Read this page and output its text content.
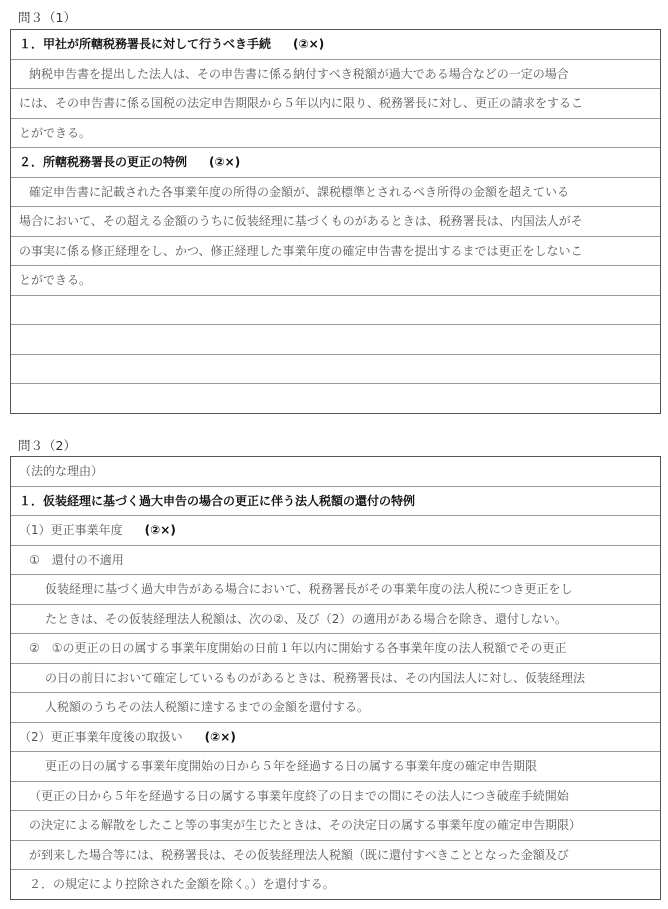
問３（1）
１．甲社が所轄税務署長に対して行うべき手続 (②×)
納税申告書を提出した法人は、その申告書に係る納付すべき税額が過大である場合などの一定の場合
には、その申告書に係る国税の法定申告期限から５年以内に限り、税務署長に対し、更正の請求をするこ
とができる。
２．所轄税務署長の更正の特例 (②×)
確定申告書に記載された各事業年度の所得の金額が、課税標準とされるべき所得の金額を超えている
場合において、その超える金額のうちに仮装経理に基づくものがあるときは、税務署長は、内国法人がそ
の事実に係る修正経理をし、かつ、修正経理した事業年度の確定申告書を提出するまでは更正をしないこ
とができる。
問３（2）
（法的な理由）
１．仮装経理に基づく過大申告の場合の更正に伴う法人税額の還付の特例
（1）更正事業年度 (②×)
①　還付の不適用
仮装経理に基づく過大申告がある場合において、税務署長がその事業年度の法人税につき更正をし
たときは、その仮装経理法人税額は、次の②、及び（2）の適用がある場合を除き、還付しない。
②　①の更正の日の属する事業年度開始の日前１年以内に開始する各事業年度の法人税額でその更正
の日の前日において確定しているものがあるときは、税務署長は、その内国法人に対し、仮装経理法
人税額のうちその法人税額に達するまでの金額を還付する。
（2）更正事業年度後の取扱い (②×)
更正の日の属する事業年度開始の日から５年を経過する日の属する事業年度の確定申告期限
（更正の日から５年を経過する日の属する事業年度終了の日までの間にその法人につき破産手続開始
の決定による解散をしたこと等の事実が生じたときは、その決定日の属する事業年度の確定申告期限）
が到来した場合等には、税務署長は、その仮装経理法人税額（既に還付すべきこととなった金額及び
２．の規定により控除された金額を除く。）を還付する。
